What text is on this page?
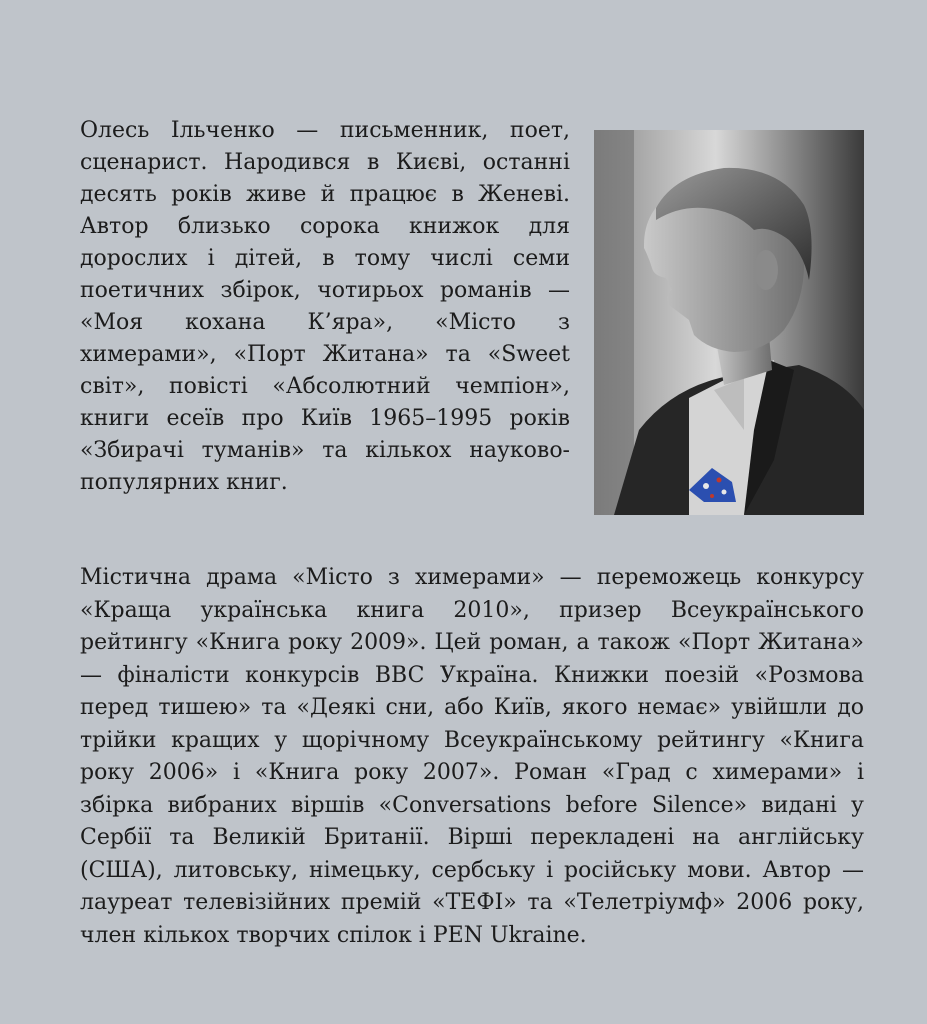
Олесь Ільченко — письменник, поет, сценарист. Народився в Києві, останні десять років живе й працює в Женеві. Автор близько сорока книжок для дорослих і дітей, в тому числі семи поетичних збірок, чотирьох романів — «Моя кохана К’яра», «Місто з химерами», «Порт Житана» та «Sweet світ», повісті «Абсолютний чемпіон», книги есеїв про Київ 1965–1995 років «Збирачі туманів» та кількох науково-популярних книг.

Містична драма «Місто з химерами» — переможець конкурсу «Краща українська книга 2010», призер Всеукраїнського рейтингу «Книга року 2009». Цей роман, а також «Порт Житана» — фіналісти конкурсів BBC Україна. Книжки поезій «Розмова перед тишею» та «Деякі сни, або Київ, якого немає» увійшли до трійки кращих у щорічному Всеукраїнському рейтингу «Книга року 2006» і «Книга року 2007». Роман «Град с химерами» і збірка вибраних віршів «Conversations before Silence» видані у Сербії та Великій Британії. Вірші перекладені на англійську (США), литовську, німецьку, сербську і російську мови. Автор — лауреат телевізійних премій «ТЕФІ» та «Телетріумф» 2006 року, член кількох творчих спілок і PEN Ukraine.
